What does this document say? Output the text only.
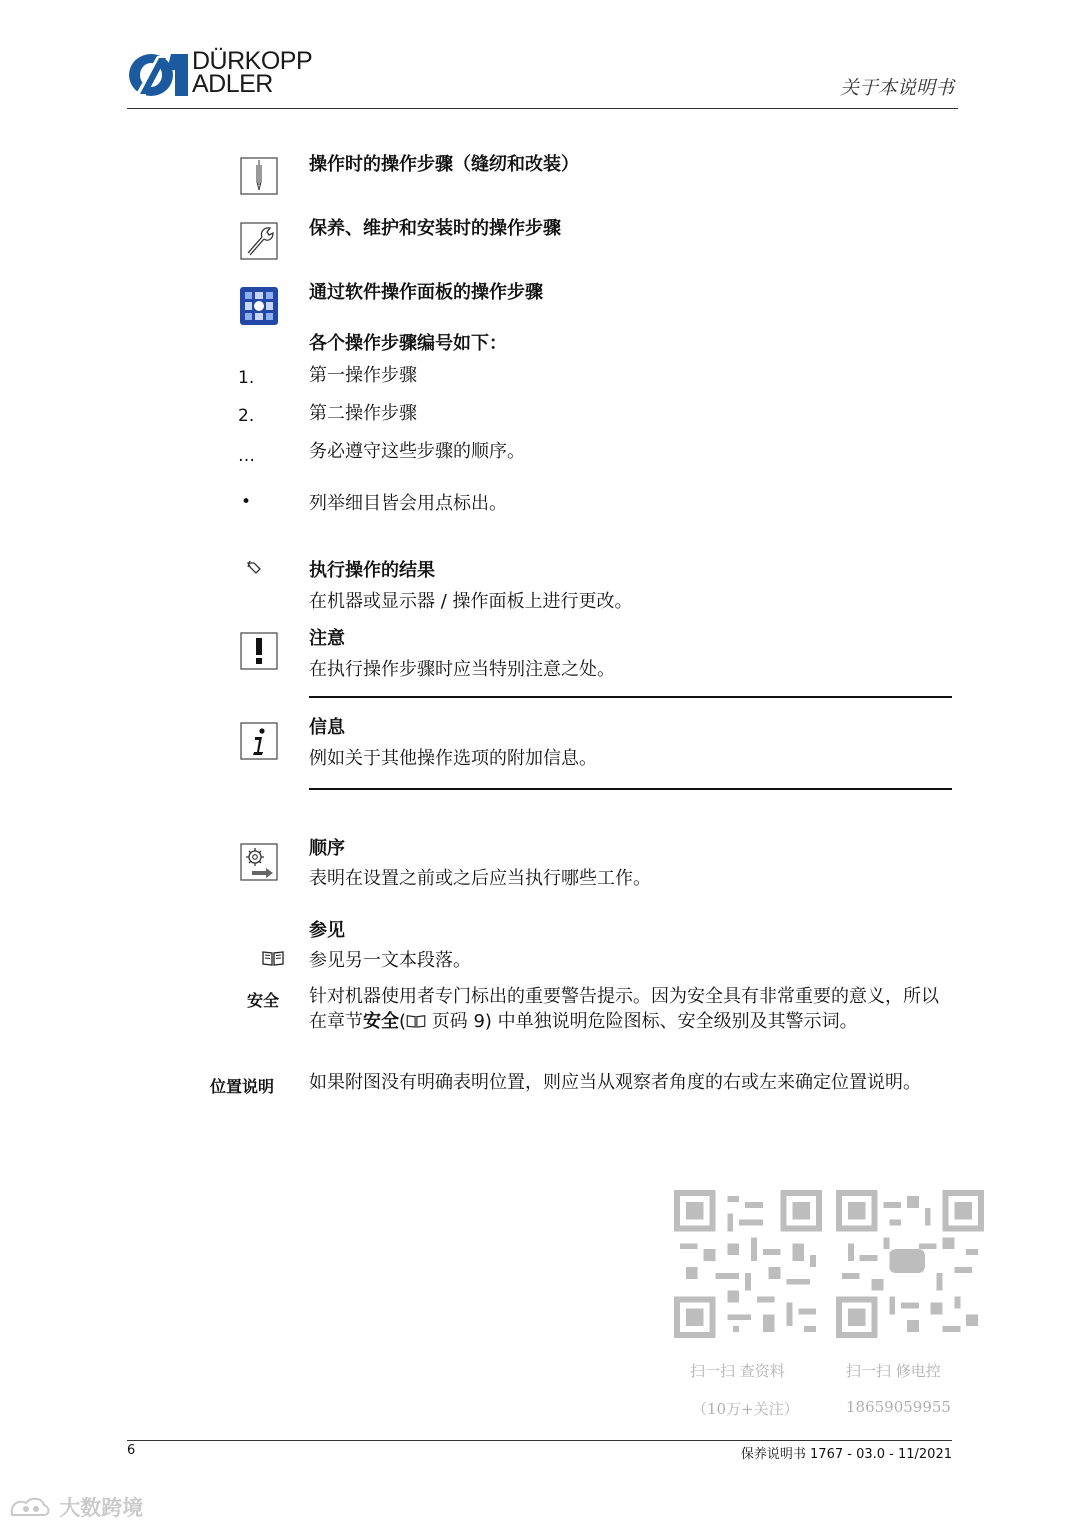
DÜRKOPP
ADLER	关于本说明书
操作时的操作步骤（缝纫和改装）
保养、维护和安装时的操作步骤
通过软件操作面板的操作步骤
各个操作步骤编号如下：
1.	第一操作步骤
2.	第二操作步骤
…	务必遵守这些步骤的顺序。
•	列举细目皆会用点标出。
执行操作的结果
在机器或显示器 / 操作面板上进行更改。
注意
在执行操作步骤时应当特别注意之处。
信息
例如关于其他操作选项的附加信息。
顺序
表明在设置之前或之后应当执行哪些工作。
参见
参见另一文本段落。
安全 针对机器使用者专门标出的重要警告提示。因为安全具有非常重要的意义，所以在章节安全( 页码 9) 中单独说明危险图标、安全级别及其警示词。
位置说明 如果附图没有明确表明位置，则应当从观察者角度的右或左来确定位置说明。
扫一扫 查资料
（10万+关注）
扫一扫 修电控
18659059955
6	保养说明书 1767 - 03.0 - 11/2021
大数跨境
